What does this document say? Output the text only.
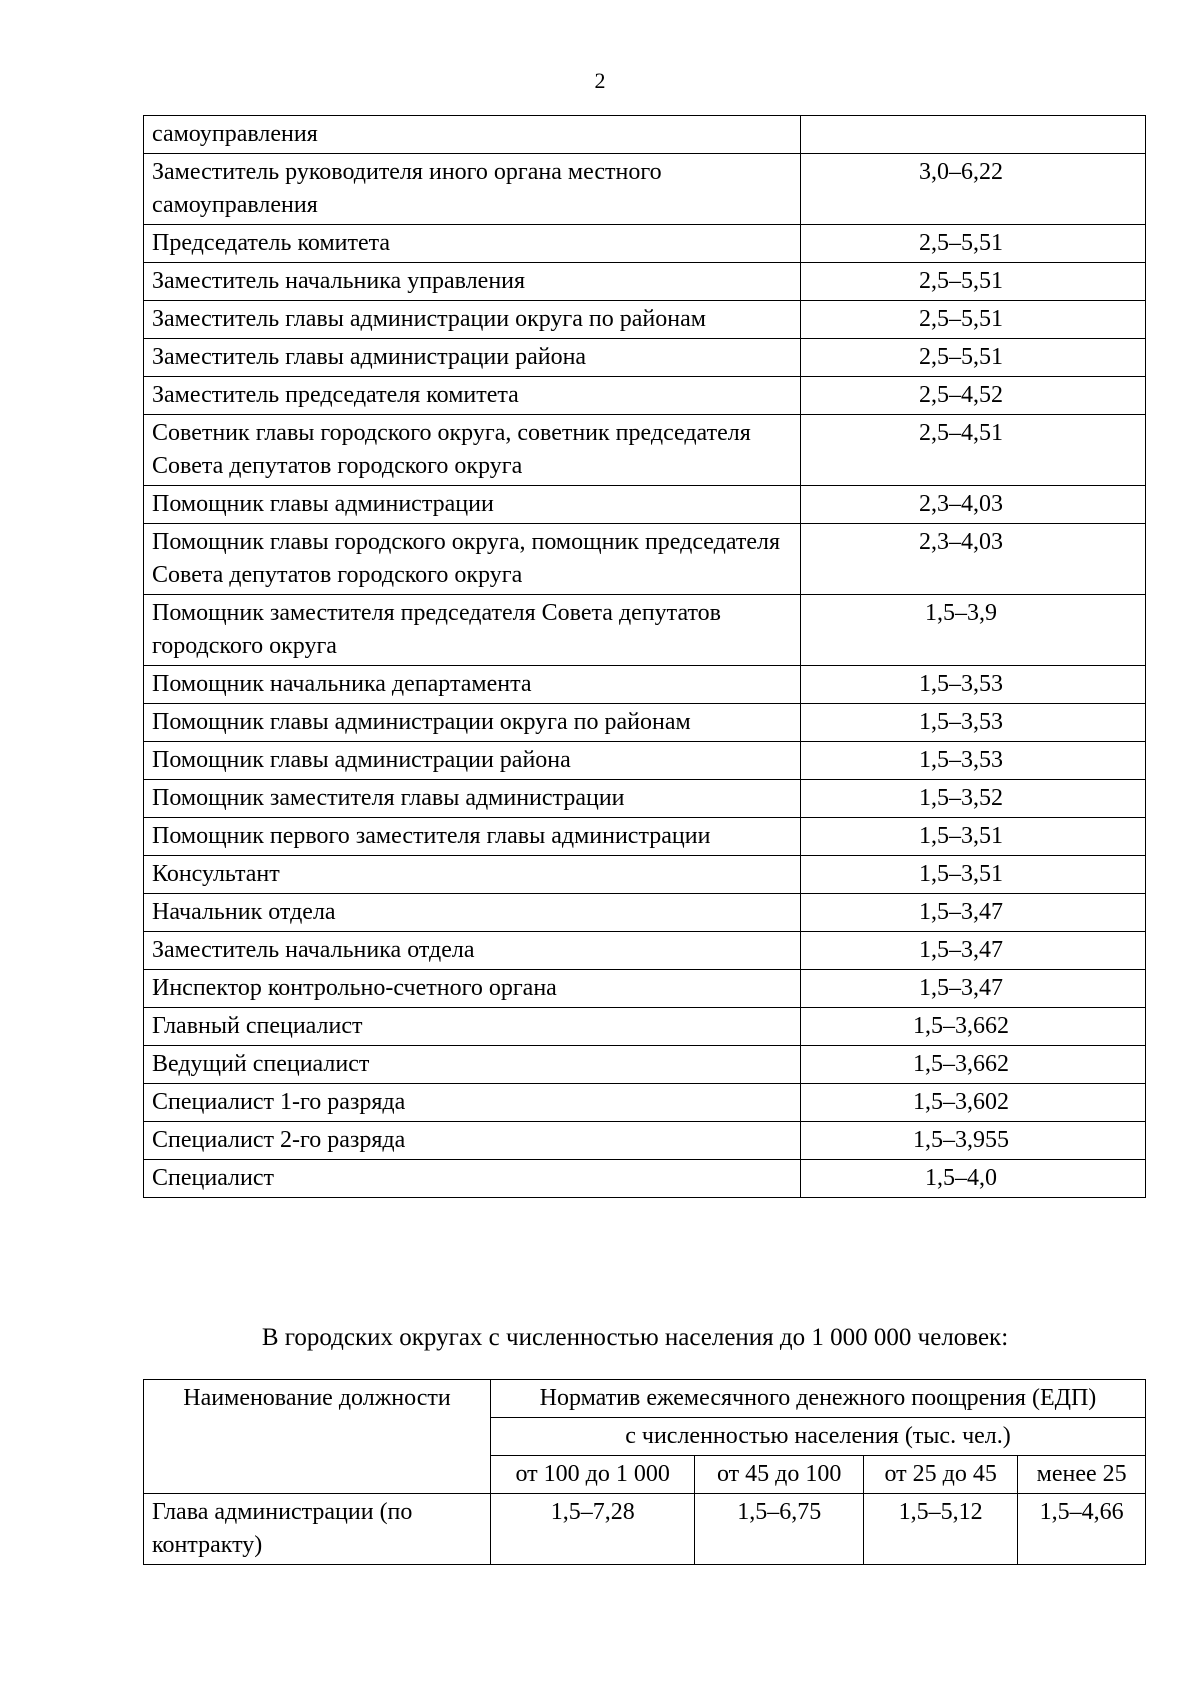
2
самоуправления	
Заместитель руководителя иного органа местного самоуправления	3,0–6,22
Председатель комитета	2,5–5,51
Заместитель начальника управления	2,5–5,51
Заместитель главы администрации округа по районам	2,5–5,51
Заместитель главы администрации района	2,5–5,51
Заместитель председателя комитета	2,5–4,52
Советник главы городского округа, советник председателя Совета депутатов городского округа	2,5–4,51
Помощник главы администрации	2,3–4,03
Помощник главы городского округа, помощник председателя Совета депутатов городского округа	2,3–4,03
Помощник заместителя председателя Совета депутатов городского округа	1,5–3,9
Помощник начальника департамента	1,5–3,53
Помощник главы администрации округа по районам	1,5–3,53
Помощник главы администрации района	1,5–3,53
Помощник заместителя главы администрации	1,5–3,52
Помощник первого заместителя главы администрации	1,5–3,51
Консультант	1,5–3,51
Начальник отдела	1,5–3,47
Заместитель начальника отдела	1,5–3,47
Инспектор контрольно-счетного органа	1,5–3,47
Главный специалист	1,5–3,662
Ведущий специалист	1,5–3,662
Специалист 1-го разряда	1,5–3,602
Специалист 2-го разряда	1,5–3,955
Специалист	1,5–4,0
В городских округах с численностью населения до 1 000 000 человек:
Наименование должности	Норматив ежемесячного денежного поощрения (ЕДП)			
	с численностью населения (тыс. чел.)			
	от 100 до 1 000	от 45 до 100	от 25 до 45	менее 25
Глава администрации (по контракту)	1,5–7,28	1,5–6,75	1,5–5,12	1,5–4,66
